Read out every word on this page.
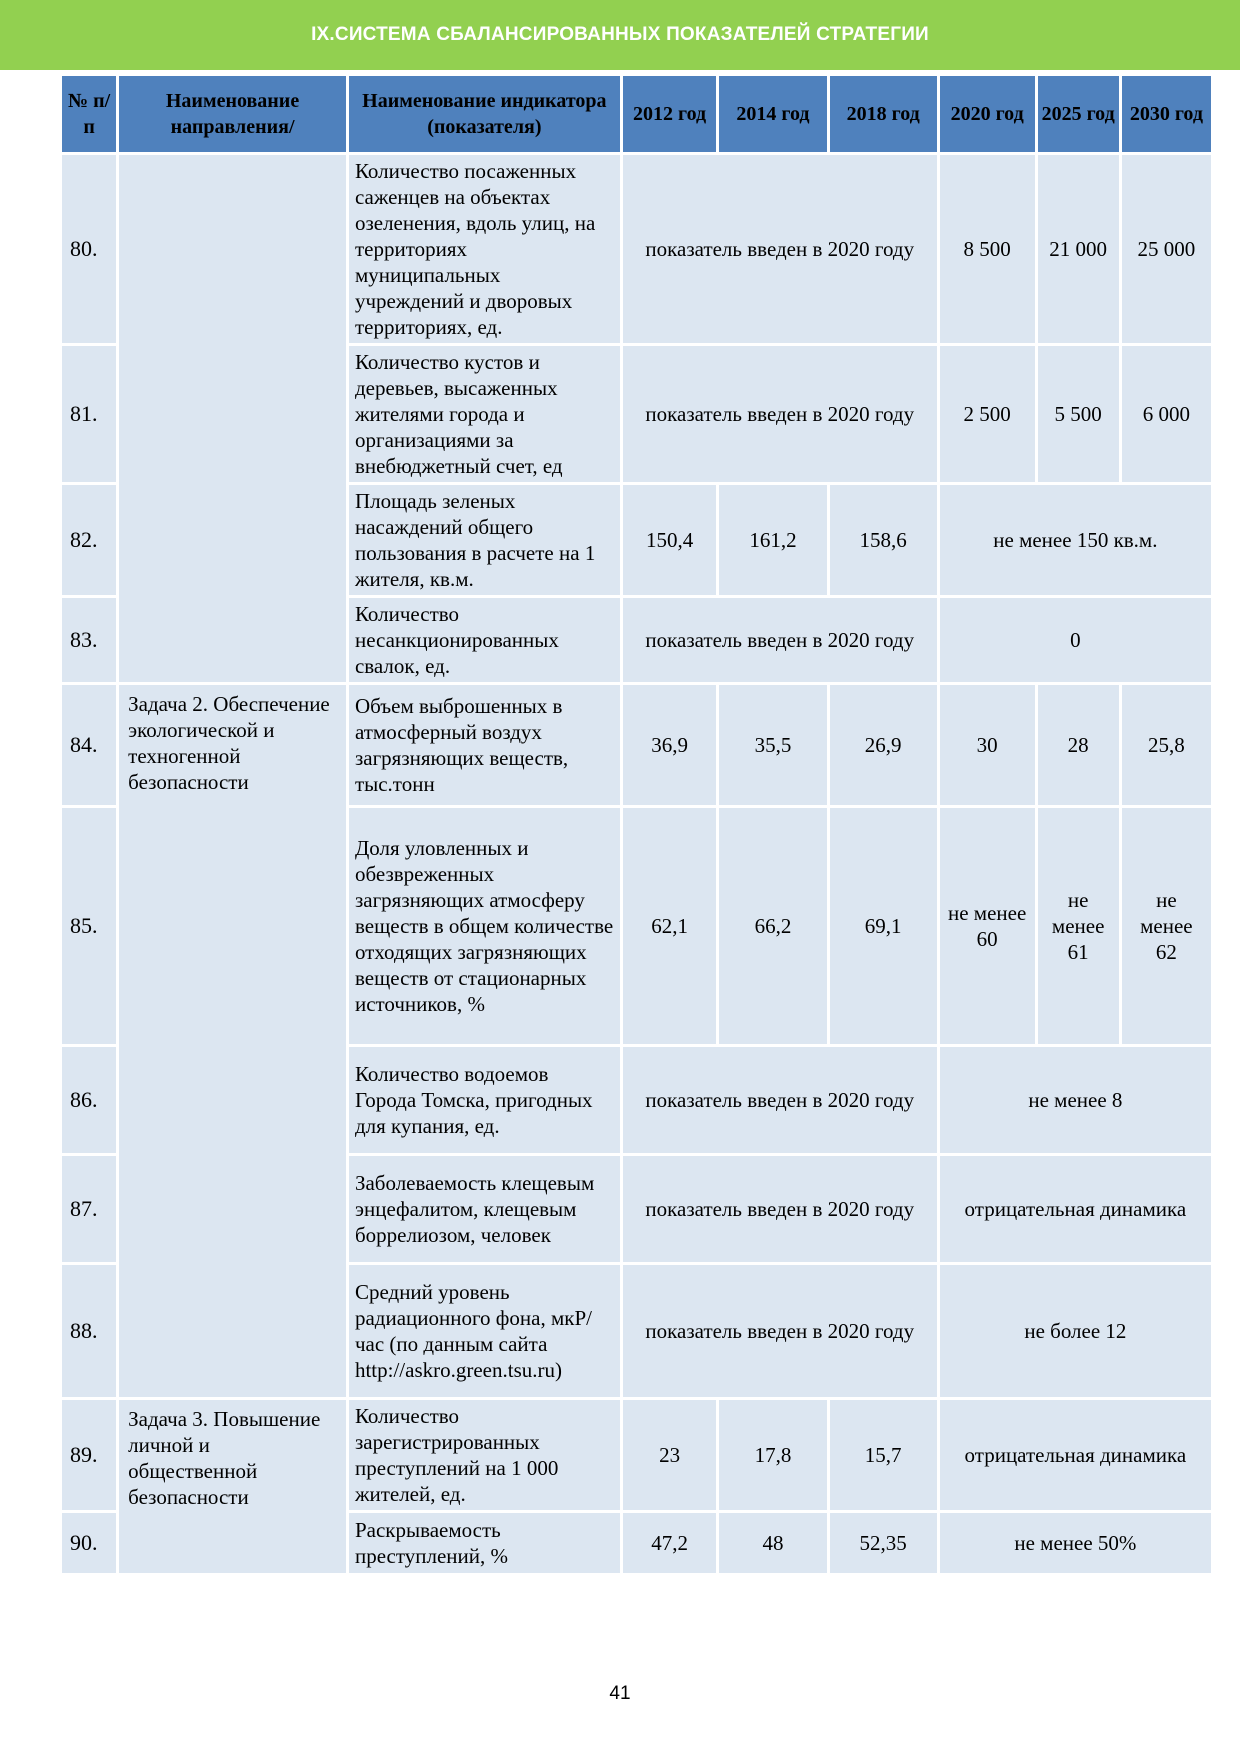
IX.СИСТЕМА СБАЛАНСИРОВАННЫХ ПОКАЗАТЕЛЕЙ СТРАТЕГИИ
№ п/п	Наименование направления/	Наименование индикатора (показателя)	2012 год	2014 год	2018 год	2020 год	2025 год	2030 год
80.		Количество посаженных саженцев на объектах озеленения, вдоль улиц, на территориях муниципальных учреждений и дворовых территориях, ед.	показатель введен в 2020 году			8 500	21 000	25 000
81.		Количество кустов и деревьев, высаженных жителями города и организациями за внебюджетный счет, ед	показатель введен в 2020 году			2 500	5 500	6 000
82.		Площадь зеленых насаждений общего пользования в расчете на 1 жителя, кв.м.	150,4	161,2	158,6	не менее 150 кв.м.		
83.		Количество несанкционированных свалок, ед.	показатель введен в 2020 году			0		
84.	Задача 2. Обеспечение экологической и техногенной безопасности	Объем выброшенных в атмосферный воздух загрязняющих веществ, тыс.тонн	36,9	35,5	26,9	30	28	25,8
85.		Доля уловленных и обезвреженных загрязняющих атмосферу веществ в общем количестве отходящих загрязняющих веществ от стационарных источников, %	62,1	66,2	69,1	не менее 60	не менее 61	не менее 62
86.		Количество водоемов Города Томска, пригодных для купания, ед.	показатель введен в 2020 году			не менее 8		
87.		Заболеваемость клещевым энцефалитом, клещевым боррелиозом, человек	показатель введен в 2020 году			отрицательная динамика		
88.		Средний уровень радиационного фона, мкР/час (по данным сайта http://askro.green.tsu.ru)	показатель введен в 2020 году			не более 12		
89.	Задача 3. Повышение личной и общественной безопасности	Количество зарегистрированных преступлений на 1 000 жителей, ед.	23	17,8	15,7	отрицательная динамика		
90.		Раскрываемость преступлений, %	47,2	48	52,35	не менее 50%		
41
